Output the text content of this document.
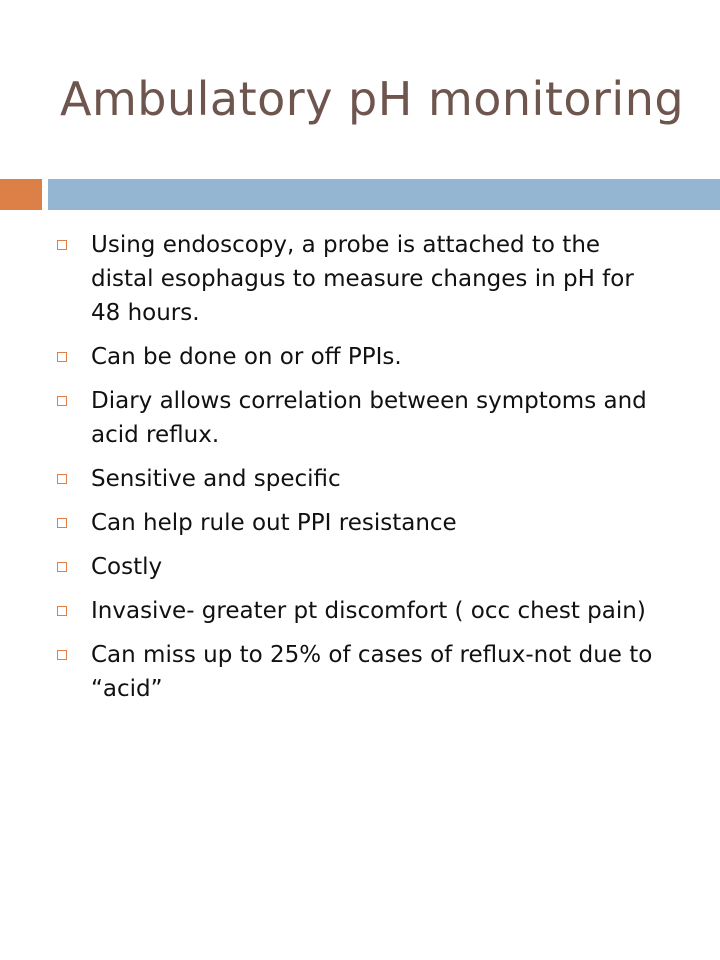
Ambulatory pH monitoring
Using endoscopy, a probe is attached to the distal esophagus to measure changes in pH for 48 hours.
Can be done on or off PPIs.
Diary allows correlation between symptoms and acid reflux.
Sensitive and specific
Can help rule out PPI resistance
Costly
Invasive- greater pt discomfort ( occ chest pain)
Can miss up to 25% of cases of reflux-not due to “acid”
